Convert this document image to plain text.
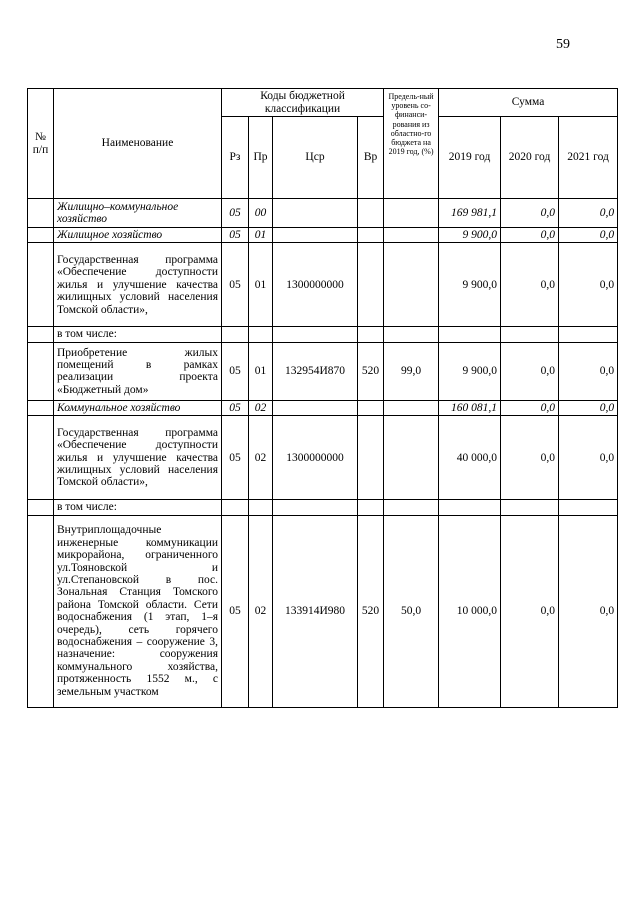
59
№ п/п	Наименование	Коды бюджетной классификации				Предель-ный уровень со-финанси-рования из областно-го бюджета на 2019 год, (%)	Сумма		
		Рз	Пр	Цср	Вр		2019 год	2020 год	2021 год
	Жилищно–коммунальное хозяйство	05	00				169 981,1	0,0	0,0
	Жилищное хозяйство	05	01				9 900,0	0,0	0,0
	Государственная программа «Обеспечение доступности жилья и улучшение качества жилищных условий населения Томской области»,	05	01	1300000000			9 900,0	0,0	0,0
	в том числе:								
	Приобретение жилых помещений в рамках реализации проекта «Бюджетный дом»	05	01	132954И870	520	99,0	9 900,0	0,0	0,0
	Коммунальное хозяйство	05	02				160 081,1	0,0	0,0
	Государственная программа «Обеспечение доступности жилья и улучшение качества жилищных условий населения Томской области»,	05	02	1300000000			40 000,0	0,0	0,0
	в том числе:								
	Внутриплощадочные инженерные коммуникации микрорайона, ограниченного ул.Тояновской и ул.Степановской в пос. Зональная Станция Томского района Томской области. Сети водоснабжения (1 этап, 1–я очередь), сеть горячего водоснабжения – сооружение 3, назначение: сооружения коммунального хозяйства, протяженность 1552 м., с земельным участком	05	02	133914И980	520	50,0	10 000,0	0,0	0,0
